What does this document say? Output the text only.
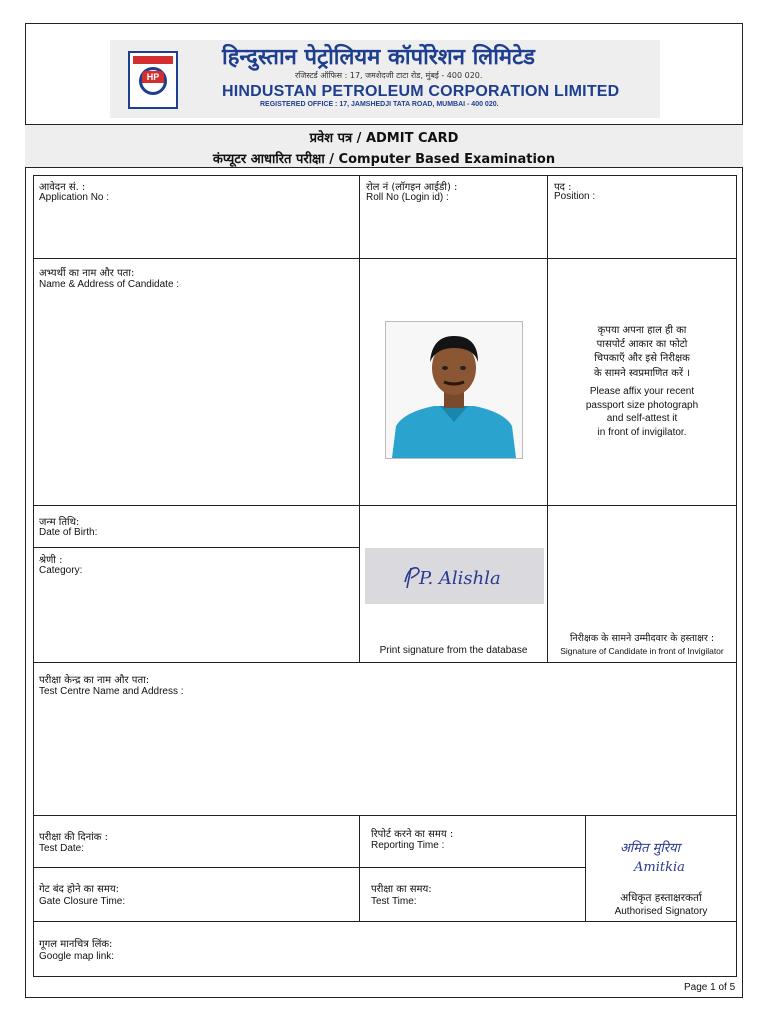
HP
हिन्दुस्तान पेट्रोलियम कॉर्पोरेशन लिमिटेड
रजिस्टर्ड ऑफिस : 17, जमशेदजी टाटा रोड, मुंबई - 400 020.
HINDUSTAN PETROLEUM CORPORATION LIMITED
REGISTERED OFFICE : 17, JAMSHEDJI TATA ROAD, MUMBAI - 400 020.
प्रवेश पत्र / ADMIT CARD
कंप्यूटर आधारित परीक्षा / Computer Based Examination
आवेदन सं. :
Application No :
रोल नं (लॉगइन आईडी) :
Roll No (Login id) :
पद :
Position :
अभ्यर्थी का नाम और पता:
Name & Address of Candidate :
कृपया अपना हाल ही का
पासपोर्ट आकार का फोटो
चिपकाएँ और इसे निरीक्षक
के सामने स्वप्रमाणित करें ।
Please affix your recent
passport size photograph
and self-attest it
in front of invigilator.
जन्म तिथि:
Date of Birth:
श्रेणी :
Category:	P. Alishla
Print signature from the database
निरीक्षक के सामने उम्मीदवार के हस्ताक्षर :
Signature of Candidate in front of Invigilator
परीक्षा केन्द्र का नाम और पता:
Test Centre Name and Address :
परीक्षा की दिनांक :
Test Date:
रिपोर्ट करने का समय :
Reporting Time :
गेट बंद होने का समय:
Gate Closure Time:
परीक्षा का समय:
Test Time:
अमित मुरिया
Amitkia
अधिकृत हस्ताक्षरकर्ता
Authorised Signatory
गूगल मानचित्र लिंक:
Google map link:
Page 1 of 5
